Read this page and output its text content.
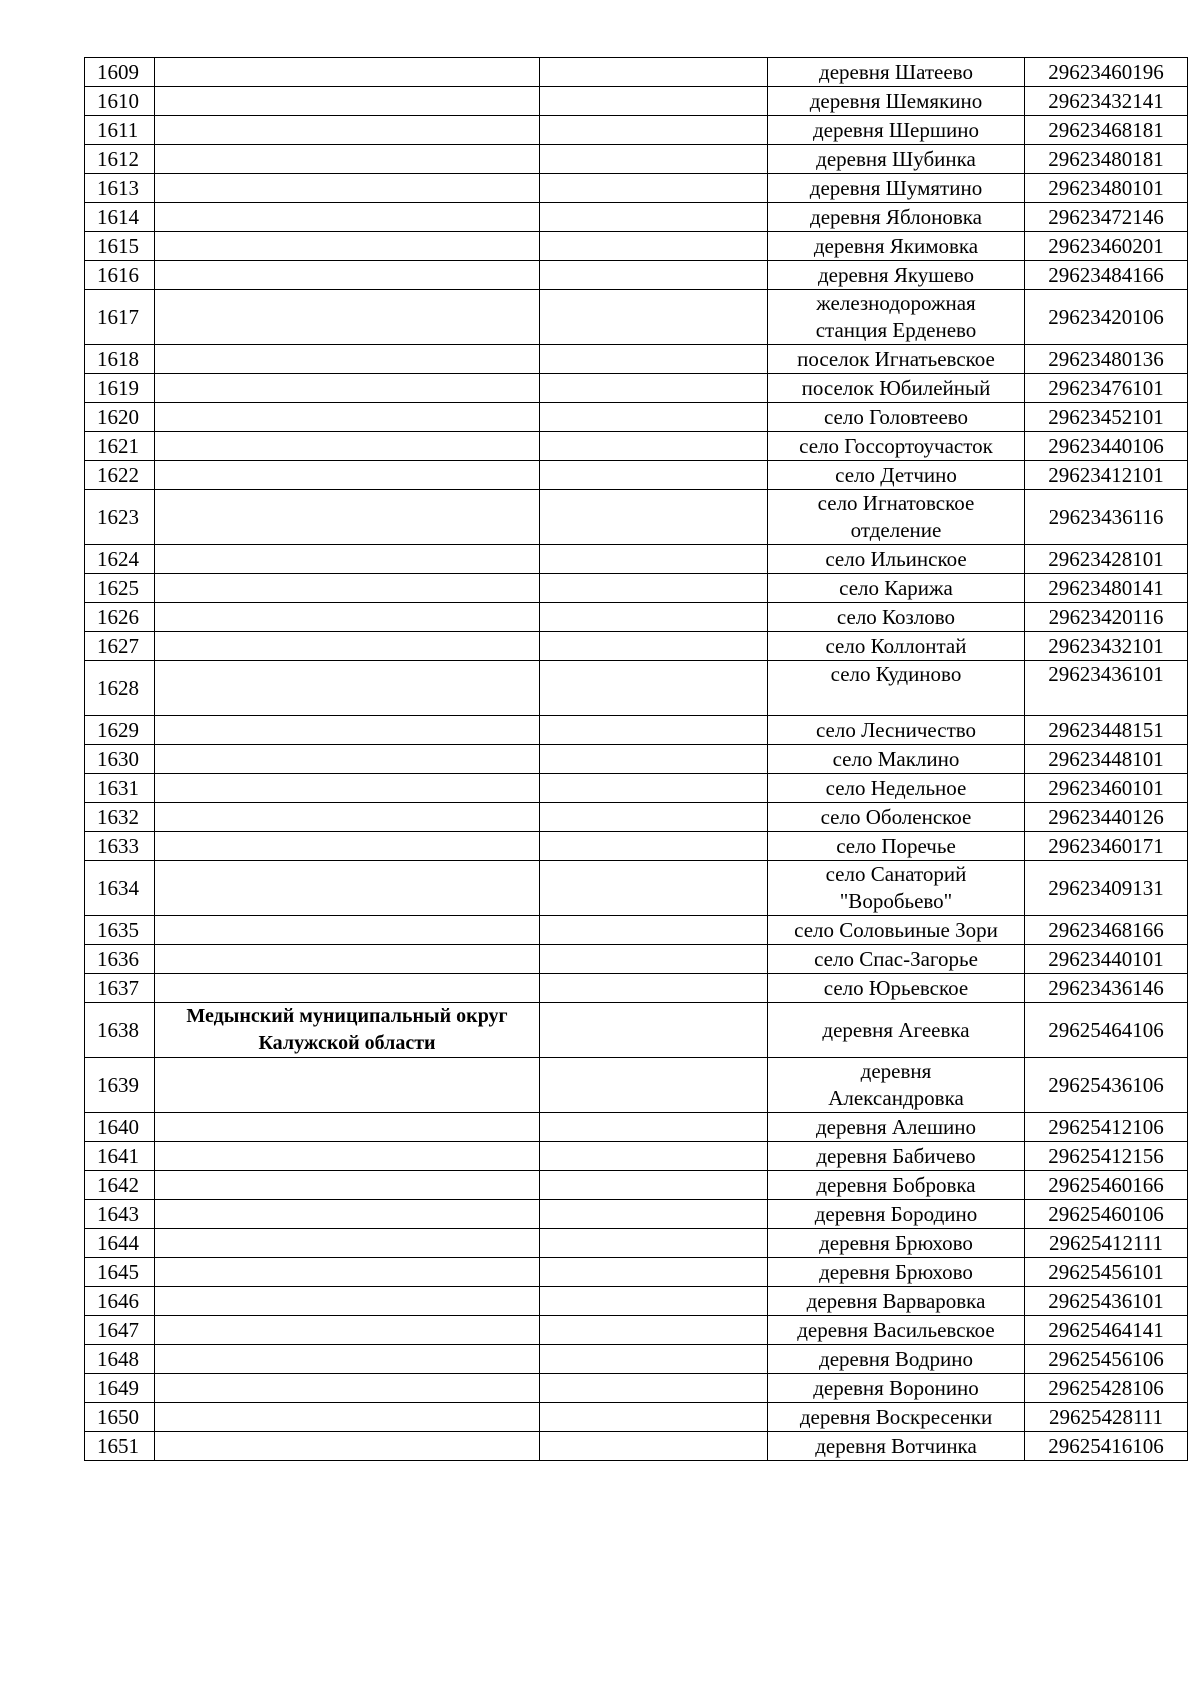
1609			деревня Шатеево	29623460196
1610			деревня Шемякино	29623432141
1611			деревня Шершино	29623468181
1612			деревня Шубинка	29623480181
1613			деревня Шумятино	29623480101
1614			деревня Яблоновка	29623472146
1615			деревня Якимовка	29623460201
1616			деревня Якушево	29623484166
1617			железнодорожная
станция Ерденево	29623420106
1618			поселок Игнатьевское	29623480136
1619			поселок Юбилейный	29623476101
1620			село Головтеево	29623452101
1621			село Госсортоучасток	29623440106
1622			село Детчино	29623412101
1623			село Игнатовское
отделение	29623436116
1624			село Ильинское	29623428101
1625			село Карижа	29623480141
1626			село Козлово	29623420116
1627			село Коллонтай	29623432101
1628			село Кудиново	29623436101
1629			село Лесничество	29623448151
1630			село Маклино	29623448101
1631			село Недельное	29623460101
1632			село Оболенское	29623440126
1633			село Поречье	29623460171
1634			село Санаторий
"Воробьево"	29623409131
1635			село Соловьиные Зори	29623468166
1636			село Спас-Загорье	29623440101
1637			село Юрьевское	29623436146
1638	Медынский муниципальный округ Калужской области		деревня Агеевка	29625464106
1639			деревня
Александровка	29625436106
1640			деревня Алешино	29625412106
1641			деревня Бабичево	29625412156
1642			деревня Бобровка	29625460166
1643			деревня Бородино	29625460106
1644			деревня Брюхово	29625412111
1645			деревня Брюхово	29625456101
1646			деревня Варваровка	29625436101
1647			деревня Васильевское	29625464141
1648			деревня Водрино	29625456106
1649			деревня Воронино	29625428106
1650			деревня Воскресенки	29625428111
1651			деревня Вотчинка	29625416106
